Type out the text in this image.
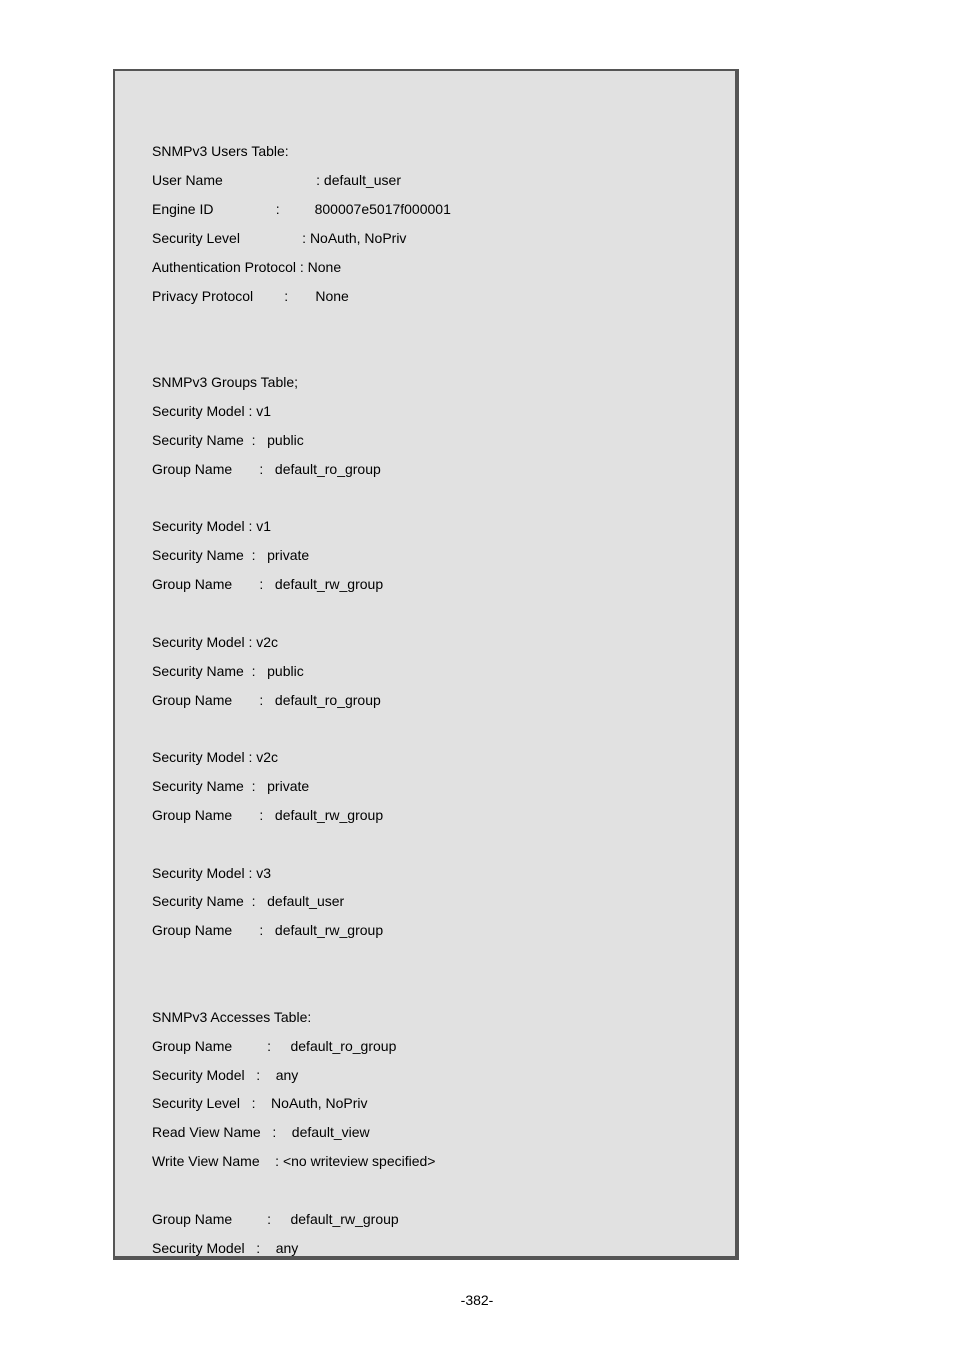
SNMPv3 Users Table:
User Name                        : default_user
Engine ID                :         800007e5017f000001
Security Level                : NoAuth, NoPriv
Authentication Protocol : None
Privacy Protocol        :       None
SNMPv3 Groups Table;
Security Model : v1
Security Name  :   public
Group Name       :   default_ro_group
Security Model : v1
Security Name  :   private
Group Name       :   default_rw_group
Security Model : v2c
Security Name  :   public
Group Name       :   default_ro_group
Security Model : v2c
Security Name  :   private
Group Name       :   default_rw_group
Security Model : v3
Security Name  :   default_user
Group Name       :   default_rw_group
SNMPv3 Accesses Table:
Group Name         :     default_ro_group
Security Model   :    any
Security Level   :    NoAuth, NoPriv
Read View Name   :    default_view
Write View Name    : <no writeview specified>
Group Name         :     default_rw_group
Security Model   :    any
-382-
